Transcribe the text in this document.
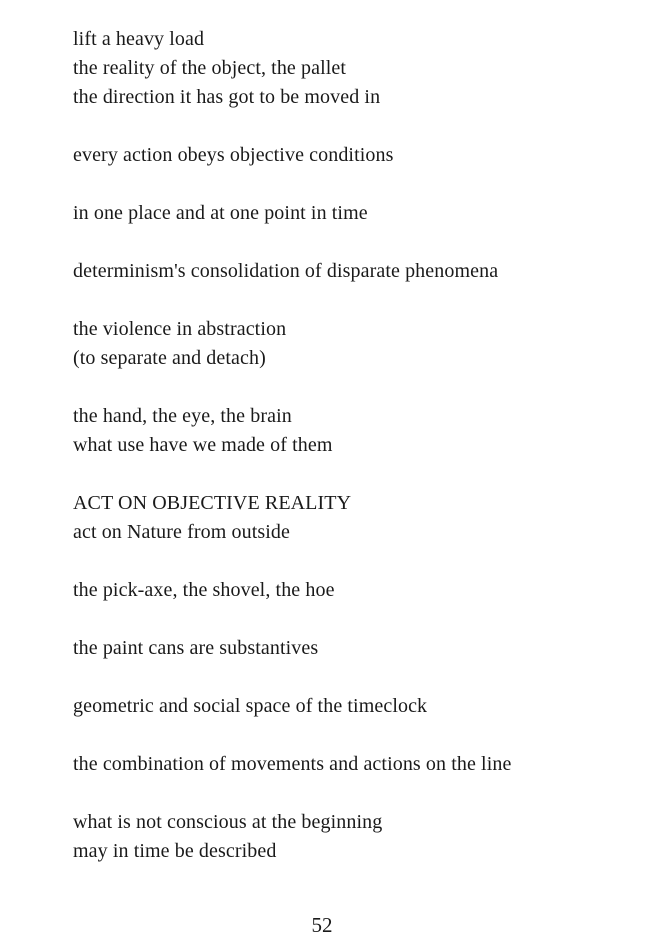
lift a heavy load
the reality of the object, the pallet
the direction it has got to be moved in
every action obeys objective conditions
in one place and at one point in time
determinism's consolidation of disparate phenomena
the violence in abstraction
(to separate and detach)
the hand, the eye, the brain
what use have we made of them
ACT ON OBJECTIVE REALITY
act on Nature from outside
the pick-axe, the shovel, the hoe
the paint cans are substantives
geometric and social space of the timeclock
the combination of movements and actions on the line
what is not conscious at the beginning
may in time be described
52
